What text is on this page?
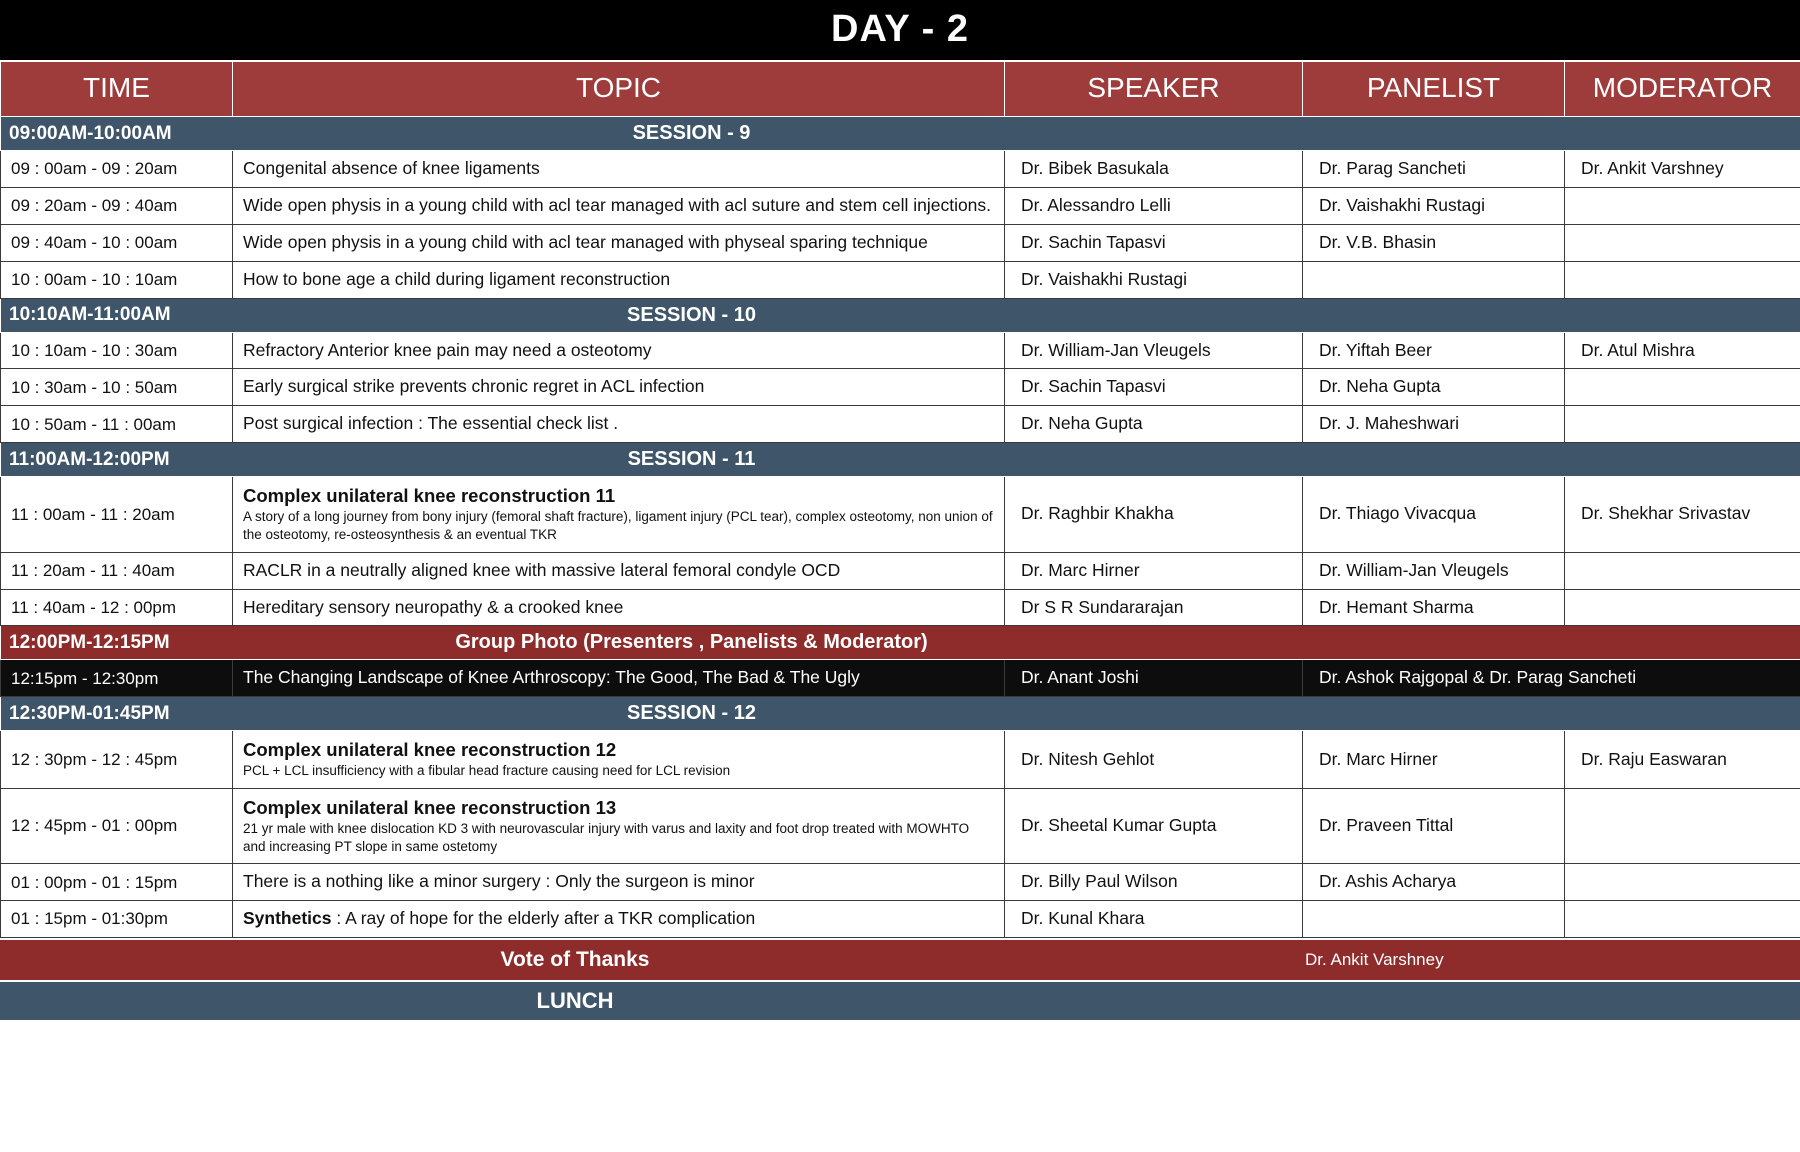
DAY - 2
TIME	TOPIC	SPEAKER	PANELIST	MODERATOR

09:00AM-10:00AM SESSION - 9				

09 : 00am - 09 : 20am	Congenital absence of knee ligaments	Dr. Bibek Basukala	Dr. Parag Sancheti	Dr. Ankit Varshney
09 : 20am - 09 : 40am	Wide open physis in a young child with acl tear managed with acl suture and stem cell injections.	Dr. Alessandro Lelli	Dr. Vaishakhi Rustagi	
09 : 40am - 10 : 00am	Wide open physis in a young child with acl tear managed with physeal sparing technique	Dr. Sachin Tapasvi	Dr. V.B. Bhasin	
10 : 00am - 10 : 10am	How to bone age a child during ligament reconstruction	Dr. Vaishakhi Rustagi		

10:10AM-11:00AM SESSION - 10				

10 : 10am - 10 : 30am	Refractory Anterior knee pain may need a osteotomy	Dr. William-Jan Vleugels	Dr. Yiftah Beer	Dr. Atul Mishra
10 : 30am - 10 : 50am	Early surgical strike prevents chronic regret in ACL infection	Dr. Sachin Tapasvi	Dr. Neha Gupta	
10 : 50am - 11 : 00am	Post surgical infection : The essential check list .	Dr. Neha Gupta	Dr. J. Maheshwari	

11:00AM-12:00PM SESSION - 11				

11 : 00am - 11 : 20am	Complex unilateral knee reconstruction 11
A story of a long journey from bony injury (femoral shaft fracture), ligament injury (PCL tear), complex osteotomy, non union of the osteotomy, re-osteosynthesis & an eventual TKR	Dr. Raghbir Khakha	Dr. Thiago Vivacqua	Dr. Shekhar Srivastav
11 : 20am - 11 : 40am	RACLR in a neutrally aligned knee with massive lateral femoral condyle OCD	Dr. Marc Hirner	Dr. William-Jan Vleugels	
11 : 40am - 12 : 00pm	Hereditary sensory neuropathy & a crooked knee	Dr S R Sundararajan	Dr. Hemant Sharma	

12:00PM-12:15PM Group Photo (Presenters , Panelists & Moderator)				

12:15pm - 12:30pm	The Changing Landscape of Knee Arthroscopy: The Good, The Bad & The Ugly	Dr. Anant Joshi	Dr. Ashok Rajgopal & Dr. Parag Sancheti	

12:30PM-01:45PM SESSION - 12				

12 : 30pm - 12 : 45pm	Complex unilateral knee reconstruction 12
PCL + LCL insufficiency with a fibular head fracture causing need for LCL revision	Dr. Nitesh Gehlot	Dr. Marc Hirner	Dr. Raju Easwaran
12 : 45pm - 01 : 00pm	Complex unilateral knee reconstruction 13
21 yr male with knee dislocation KD 3 with neurovascular injury with varus and laxity and foot drop treated with MOWHTO and increasing PT slope in same ostetomy	Dr. Sheetal Kumar Gupta	Dr. Praveen Tittal	
01 : 00pm - 01 : 15pm	There is a nothing like a minor surgery : Only the surgeon is minor	Dr. Billy Paul Wilson	Dr. Ashis Acharya	
01 : 15pm - 01:30pm	Synthetics : A ray of hope for the elderly after a TKR complication	Dr. Kunal Khara		
Vote of Thanks	Dr. Ankit Varshney
LUNCH
